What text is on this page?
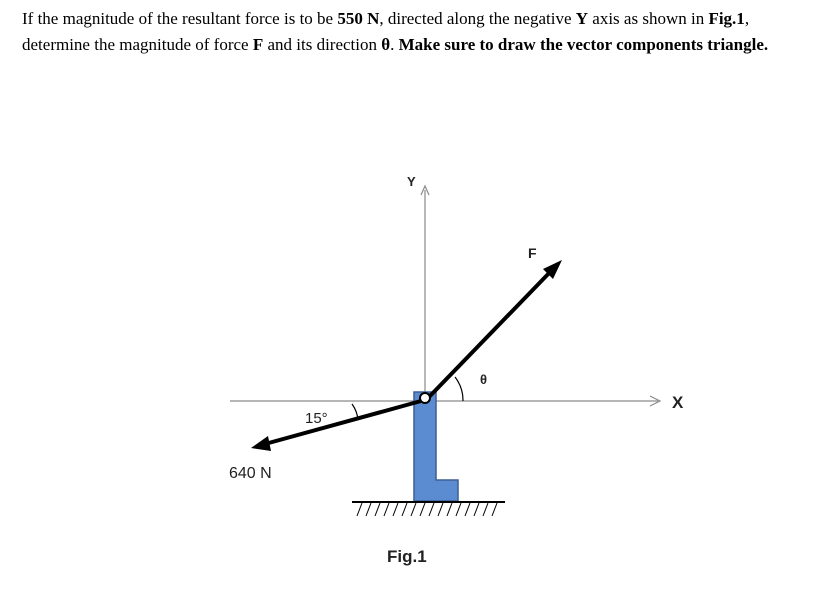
If the magnitude of the resultant force is to be 550 N, directed along the negative Y axis as shown in Fig.1, determine the magnitude of force F and its direction θ. Make sure to draw the vector components triangle.
X
Y
F
θ
640 N
15°
Fig.1
